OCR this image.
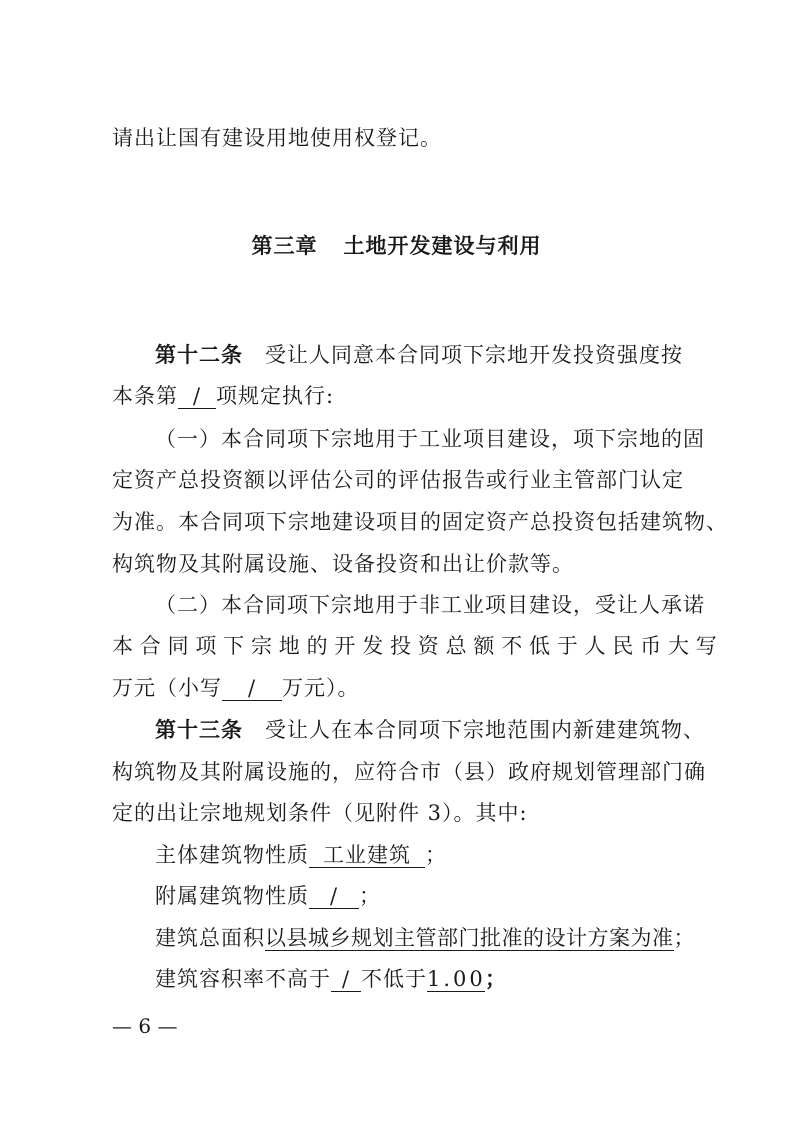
请出让国有建设用地使用权登记。
第三章 土地开发建设与利用
第十二条 受让人同意本合同项下宗地开发投资强度按
本条第 / 项规定执行:
（一）本合同项下宗地用于工业项目建设，项下宗地的固
定资产总投资额以评估公司的评估报告或行业主管部门认定
为准。本合同项下宗地建设项目的固定资产总投资包括建筑物、
构筑物及其附属设施、设备投资和出让价款等。
（二）本合同项下宗地用于非工业项目建设，受让人承诺
本合同项下宗地的开发投资总额不低于人民币大写
万元（小写 / 万元）。
第十三条 受让人在本合同项下宗地范围内新建建筑物、
构筑物及其附属设施的，应符合市（县）政府规划管理部门确
定的出让宗地规划条件（见附件 3）。其中:
主体建筑物性质 工业建筑 ；
附属建筑物性质 / ；
建筑总面积以县城乡规划主管部门批准的设计方案为准；
建筑容积率不高于 / 不低于1.00；
— 6 —
